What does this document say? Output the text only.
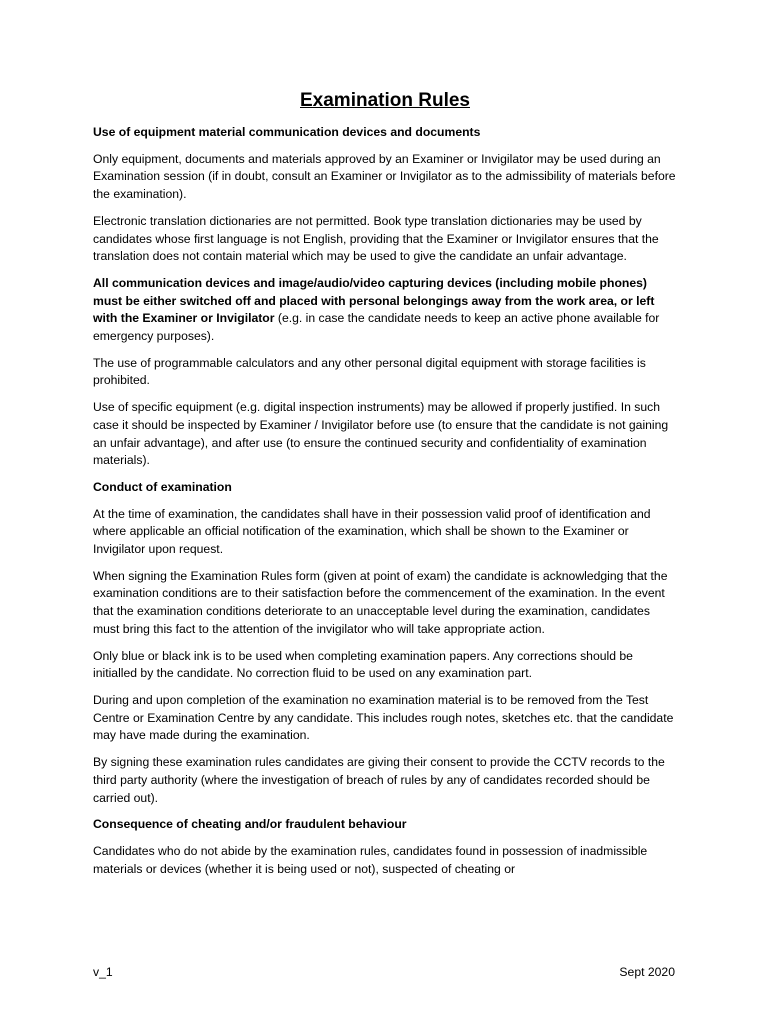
Examination Rules
Use of equipment material communication devices and documents
Only equipment, documents and materials approved by an Examiner or Invigilator may be used during an Examination session (if in doubt, consult an Examiner or Invigilator as to the admissibility of materials before the examination).
Electronic translation dictionaries are not permitted. Book type translation dictionaries may be used by candidates whose first language is not English, providing that the Examiner or Invigilator ensures that the translation does not contain material which may be used to give the candidate an unfair advantage.
All communication devices and image/audio/video capturing devices (including mobile phones) must be either switched off and placed with personal belongings away from the work area, or left with the Examiner or Invigilator (e.g. in case the candidate needs to keep an active phone available for emergency purposes).
The use of programmable calculators and any other personal digital equipment with storage facilities is prohibited.
Use of specific equipment (e.g. digital inspection instruments) may be allowed if properly justified. In such case it should be inspected by Examiner / Invigilator before use (to ensure that the candidate is not gaining an unfair advantage), and after use (to ensure the continued security and confidentiality of examination materials).
Conduct of examination
At the time of examination, the candidates shall have in their possession valid proof of identification and where applicable an official notification of the examination, which shall be shown to the Examiner or Invigilator upon request.
When signing the Examination Rules form (given at point of exam) the candidate is acknowledging that the examination conditions are to their satisfaction before the commencement of the examination. In the event that the examination conditions deteriorate to an unacceptable level during the examination, candidates must bring this fact to the attention of the invigilator who will take appropriate action.
Only blue or black ink is to be used when completing examination papers. Any corrections should be initialled by the candidate. No correction fluid to be used on any examination part.
During and upon completion of the examination no examination material is to be removed from the Test Centre or Examination Centre by any candidate. This includes rough notes, sketches etc. that the candidate may have made during the examination.
By signing these examination rules candidates are giving their consent to provide the CCTV records to the third party authority (where the investigation of breach of rules by any of candidates recorded should be carried out).
Consequence of cheating and/or fraudulent behaviour
Candidates who do not abide by the examination rules, candidates found in possession of inadmissible materials or devices (whether it is being used or not), suspected of cheating or
v_1	Sept 2020
